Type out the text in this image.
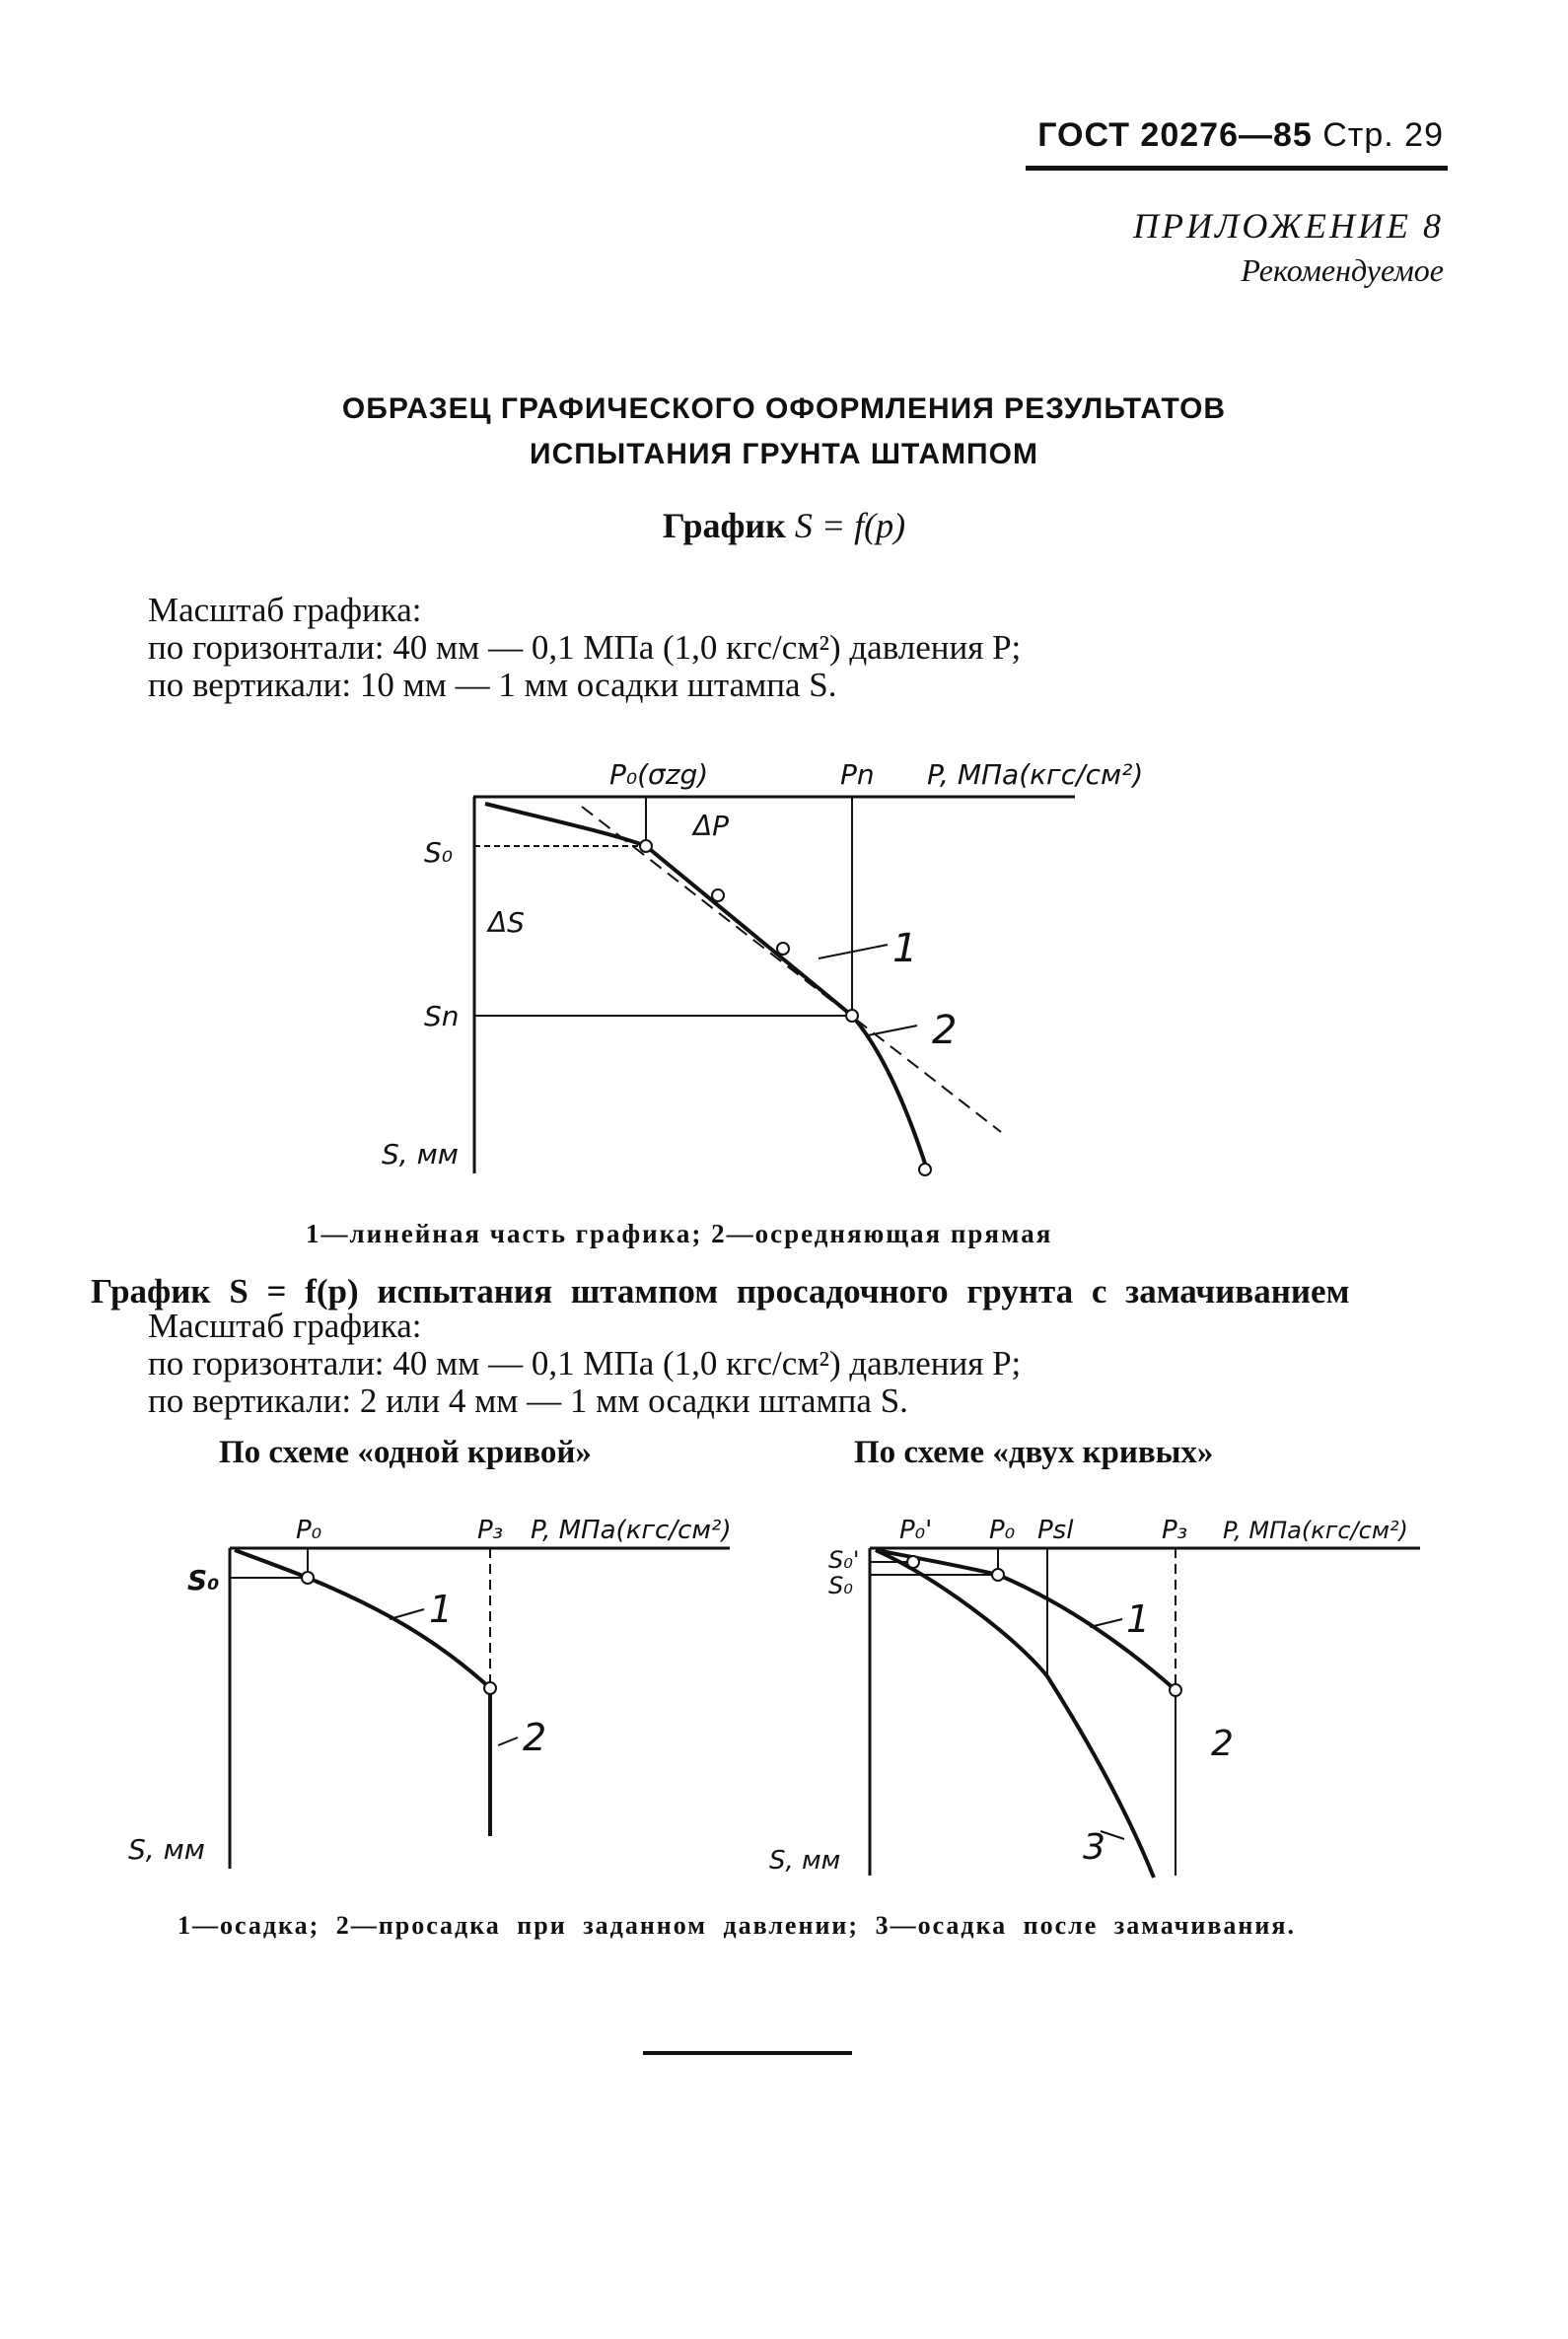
ГОСТ 20276—85 Стр. 29
ПРИЛОЖЕНИЕ 8
Рекомендуемое
ОБРАЗЕЦ ГРАФИЧЕСКОГО ОФОРМЛЕНИЯ РЕЗУЛЬТАТОВ
ИСПЫТАНИЯ ГРУНТА ШТАМПОМ
График S = f(p)
Масштаб графика:
по горизонтали: 40 мм — 0,1 МПа (1,0 кгс/см²) давления P;
по вертикали: 10 мм — 1 мм осадки штампа S.
P₀(σzg)	Pn P, МПа(кгс/см²)
ΔP
S₀
ΔS
Sn
S, мм
1
2
1—линейная часть графика; 2—осредняющая прямая
График S = f(p) испытания штампом просадочного грунта с замачиванием
Масштаб графика:
по горизонтали: 40 мм — 0,1 МПа (1,0 кгс/см²) давления P;
по вертикали: 2 или 4 мм — 1 мм осадки штампа S.
По схеме «одной кривой»	По схеме «двух кривых»
P₀	P₃ P, МПа(кгс/см²)
S₀
S, мм
1
2
P₀' P₀ Psl	P₃ P, МПа(кгс/см²)
S₀'
S₀
S, мм
1
2
3
1—осадка; 2—просадка при заданном давлении; 3—осадка после замачивания.
